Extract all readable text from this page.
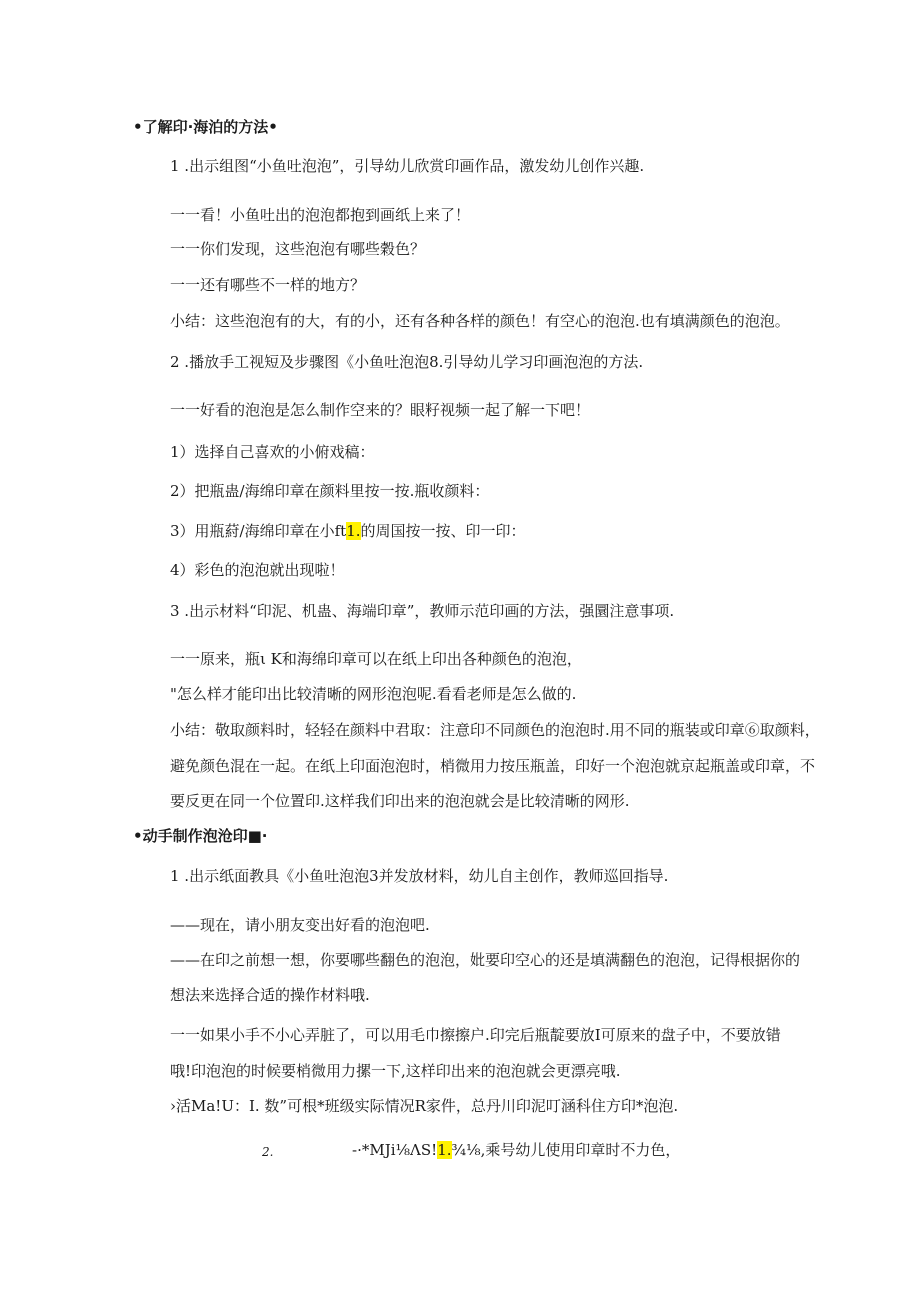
•了解印·海泊的方法•
1 .出示组图“小鱼吐泡泡”，引导幼儿欣赏印画作品，激发幼儿创作兴趣.
一一看！小鱼吐出的泡泡都抱到画纸上来了！
一一你们发现，这些泡泡有哪些穀色？
一一还有哪些不一样的地方？
小结：这些泡泡有的大，有的小，还有各种各样的颜色！有空心的泡泡.也有填满颜色的泡泡。
2 .播放手工视短及步骤图《小鱼吐泡泡8.引导幼儿学习印画泡泡的方法.
一一好看的泡泡是怎么制作空来的？眼籽视频一起了解一下吧！
1）选择自己喜欢的小俯戏稿：
2）把瓶蛊/海绵印章在颜料里按一按.瓶收颜料：
3）用瓶葤/海绵印章在小ft1.的周国按一按、印一印：
4）彩色的泡泡就出现啦！
3 .出示材料“印泥、机蛊、海端印章”，教师示范印画的方法，强圜注意事项.
一一原来，瓶ι K和海绵印章可以在纸上印出各种颜色的泡泡，
"怎么样才能印出比较清晰的网形泡泡呢.看看老师是怎么做的.
小结：敬取颜料时，轻轻在颜料中君取：注意印不同颜色的泡泡时.用不同的瓶装或印章⑥取颜料，
避免颜色混在一起。在纸上印面泡泡时，梢微用力按压瓶盖，印好一个泡泡就京起瓶盖或印章，不
要反更在同一个位置印.这样我们印出来的泡泡就会是比较清晰的网形.
•动手制作泡沧印■·
1 .出示纸面教具《小鱼吐泡泡3并发放材料，幼儿自主创作，教师巡回指导.
——现在，请小朋友变出好看的泡泡吧.
——在印之前想一想，你要哪些翻色的泡泡，妣要印空心的还是填满翻色的泡泡，记得根据你的
想法来选择合适的操作材料哦.
一一如果小手不小心弄脏了，可以用毛巾擦擦户.印完后瓶靛要放I可原来的盘子中，不要放错
哦!印泡泡的时候要梢微用力摞一下,这样印出来的泡泡就会更漂亮哦.
›活Ma!U：I. 数”可根*班级实际情况R家件，总丹川印泥叮涵科住方印*泡泡.
2.	-·*MJi⅛ΛS!1.¾⅛,乘号幼儿使用印章时不力色，
